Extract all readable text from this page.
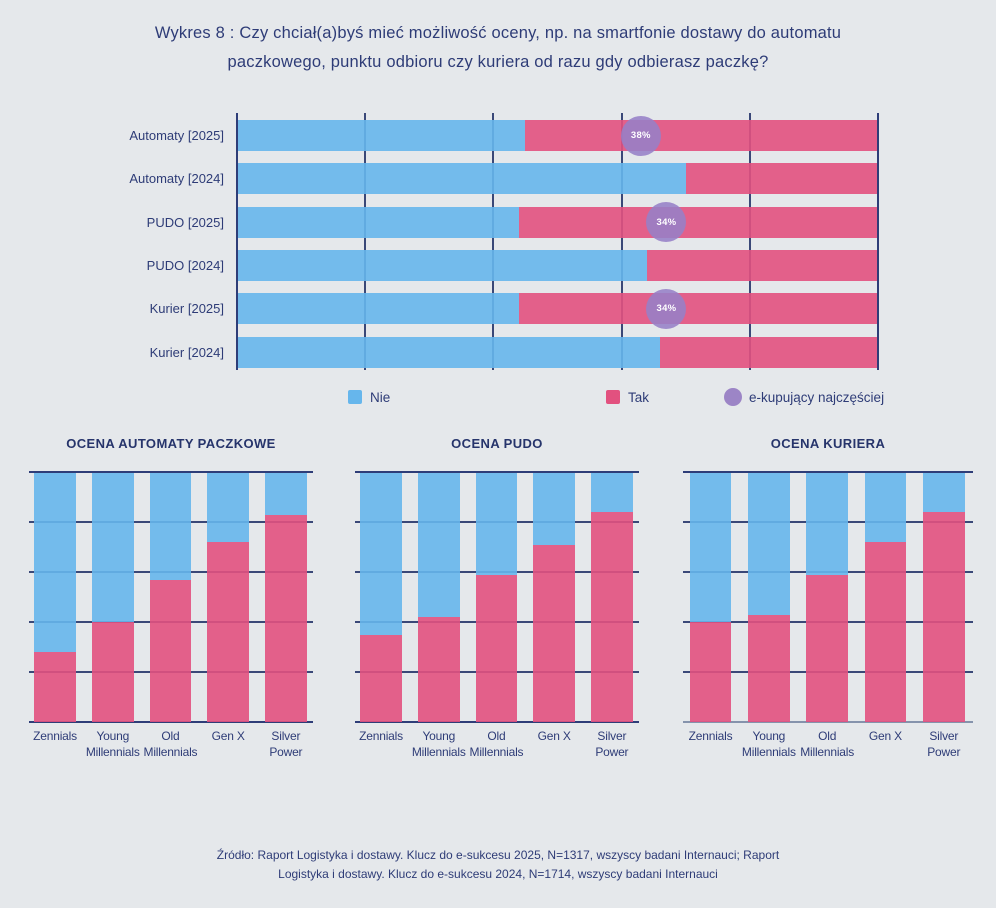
Wykres 8 : Czy chciał(a)byś mieć możliwość oceny, np. na smartfonie dostawy do automatu
paczkowego, punktu odbioru czy kuriera od razu gdy odbierasz paczkę?
Automaty [2025]
Automaty [2024]
PUDO [2025]
PUDO [2024]
Kurier [2025]
Kurier [2024]
38%
34%
34%
Nie	Tak	e-kupujący najczęściej
OCENA AUTOMATY PACZKOWE
Zennials	Young
Millennials
Old
Millennials
Gen X Silver
Power
OCENA PUDO
Zennials	Young
Millennials
Old
Millennials
Gen X Silver
Power
OCENA KURIERA
Zennials	Young
Millennials
Old
Millennials
Gen X Silver
Power
Źródło: Raport Logistyka i dostawy. Klucz do e-sukcesu 2025, N=1317, wszyscy badani Internauci; Raport
Logistyka i dostawy. Klucz do e-sukcesu 2024, N=1714, wszyscy badani Internauci
